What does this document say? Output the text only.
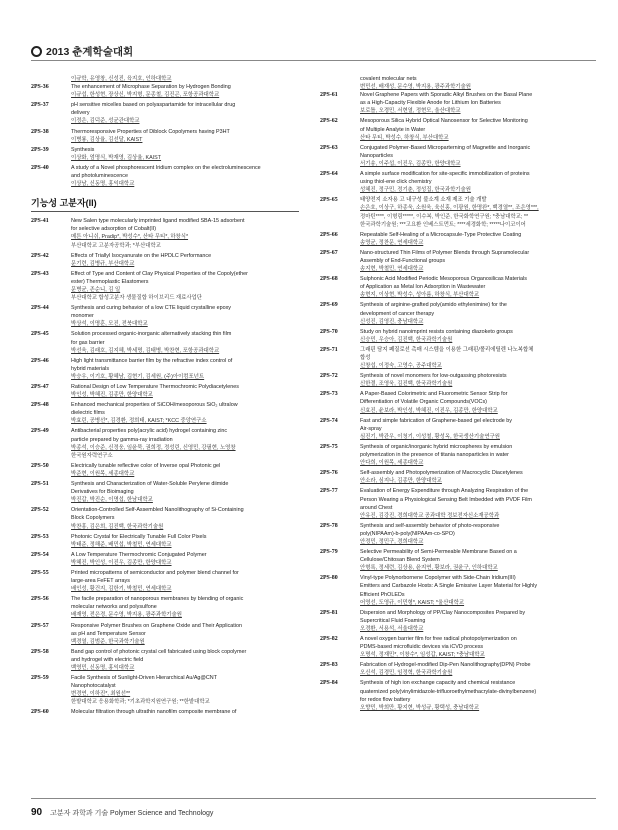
2013 춘계학술대회
이규학, 유영창, 신성진, 육지호, 인하대학교
2PS-36	The enhancement of Microphase Separation by Hydrogen Bonding
이규섭, 한성현, 장상신, 박지형, 문종철, 김진곤, 포항공과대학교
2PS-37	pH sensitive micelles based on polyaspartamide for intracellular drug
delivery
이정은, 김덕준, 성균관대학교
2PS-38	Thermoresponsive Properties of Diblock Copolymers having P3HT
이병룡, 김상율, 김선달, KAIST
2PS-39	Synthesis
이상화, 엄명식, 박재영, 김상율, KAIST
2PS-40	A study of a Novel phosphorescent Iridium complex on the electroluminescence
and photoluminescence
이상남, 신동명, 홍익대학교
기능성 고분자(II)
2PS-41	New Salen type molecularly imprinted ligand modified SBA-15 adsorbent
for selective adsorption of Cobalt(II)
메튼 아니쉬, Pradip*, 박성수*, 산타 무티*, 하창식*
부산대학교 고분자공학과; *부산대학교
2PS-42	Effects of Triallyl Isocyanurate on the HPDLC Performance
문기련, 김병규, 부산대학교
2PS-43	Effect of Type and Content of Clay Physical Properties of the Copoly(ether
ester) Thermoplastic Elastomers
문병균, 존순니, 김 일
부산대학교 합성고분자 생물질합 하이브리드 재료사업단
2PS-44	Synthesis and curing behavior of a low CTE liquid crystalline epoxy
monomer
박상석, 이명훈, 모진, 전북대학교
2PS-45	Solution processed organic-inorganic alternatively stacking thin film
for gas barrier
박선욱, 김래호, 김지혜, 박세명, 김태병, 박찬현, 포항공과대학교
2PS-46	High light transmittance barrier film by the refractive index control of
hybrid materials
박승우, 이기호, 황혜남, 김현기, 김세원, (주)아이컴포넌트
2PS-47	Rational Design of Low Temperature Thermochromic Polydiacetylenes
박인성, 박혜진, 김종만, 한양대학교
2PS-48	Enhanced mechanical properties of SiCOH/mesoporous SiO₂ ultralow
dielectric films
박효린, 공병선*, 김경환, 정희태, KAIST; *KCC 중앙연구소
2PS-49	Antibacterial properties poly(acrylic acid) hydrogel containing zinc
particle prepared by gamma-ray irradiation
박종석, 이승준, 신정웅, 임윤묵, 권희정, 정성린, 신영민, 강필현, 노영창
한국원자력연구소
2PS-50	Electrically tunable reflective color of Inverse opal Photonic gel
박준현, 이원목, 세종대학교
2PS-51	Synthesis and Characterization of Water-Soluble Perylene diimide
Derivatives for Bioimaging
박진갑, 박진순, 이명섭, 한남대학교
2PS-52	Orientation-Controlled Self-Assembled Nanolithography of Si-Containing
Block Copolymers
박찬흥, 김은희, 김진백, 한국과학기술원
2PS-53	Photonic Crystal for Electrically Tunable Full Color Pixels
박태준, 정해준, 배민섭, 박철민, 연세대학교
2PS-54	A Low Temperature Thermochromic Conjugated Polymer
박혜진, 박인성, 이진우, 김종만, 한양대학교
2PS-55	Printed micropatterns of semiconductor and polymer blend channel for
large-area FeFET arrays
배인성, 황건지, 김한기, 박철민, 연세대학교
2PS-56	The facile preparation of nanoporous membranes by blending of organic
molecular networks and polysulfone
배재영, 전은경, 문수영, 박지용, 광주과학기술원
2PS-57	Responsive Polymer Brushes on Graphene Oxide and Their Application
as pH and Temperature Sensor
백경열, 김범준, 한국과학기술원
2PS-58	Band gap control of photonic crystal cell fabricated using block copolymer
and hydrogel with electric field
백영민, 신동명, 홍익대학교
2PS-59	Facile Synthesis of Sunlight-Driven Hierarchical Au/Ag@CNT
Nanophotocatalyst
변경연, 이하진*, 최원선**
한밭대학교 응용화학과; *기초과학지원연구원; **한밭대학교
2PS-60	Molecular filtration through ultrathin nanofilm composite membrane of
covalent molecular nets
변민선, 배재성, 문수영, 박지용, 광주과학기술원
2PS-61	Novel Graphene Papers with Sporadic Alkyl Brushes on the Basal Plane
as a High-Capacity Flexible Anode for Lithium Ion Batteries
보로틀, 오경민, 서현열, 정현모, 울산대학교
2PS-62	Mesoporous Silica Hybrid Optical Nanosensor for Selective Monitoring
of Multiple Analyte in Water
산타 무티, 박성수, 하창식, 부산대학교
2PS-63	Conjugated Polymer-Based Microparterning of Magnetite and Inorganic
Nanoparticles
서기송, 이주섭, 이진우, 김종만, 한양대학교
2PS-64	A simple surface modification for site-specific immobilization of proteins
using thiol-ene click chemistry
성혜진, 정구민, 정기춘, 정성집, 한국과학기술원
2PS-65	태양전지 소자용 고 내구성 불소계 소재 제조 기술 개발
손은호, 이상구, 하종욱, 소원욱, 육신홍, 이광원, 한명완*, 백경열**, 조은영***,
정마틴****, 이형림*****, 이수복, 박인준, 한국화학연구원; *충남대학교; **
한국과학기술원; ***고요환 인베스트먼트; ****세경화학; *****나이코이어
2PS-66	Repeatable Self-Healing of a Microcapsule-Type Protective Coating
송영균, 정찬문, 연세대학교
2PS-67	Nano-structured Thin Films of Polymer Blends through Supramolecular
Assembly of End-Functional groups
송지현, 박철민, 연세대학교
2PS-68	Sulphonic Acid Modified Periodic Mesoporous Organosilicas Materials
of Application as Metal Ion Adsorption in Wastewater
송현지, 이상현, 박성수, 성아름, 하창식, 부산대학교
2PS-69	Synthesis of arginine-grafted poly(amido ethylenimine) for the
development of cancer therapy
신성진, 김영진, 충남대학교
2PS-70	Study on hybrid nanoimprint resists containing diazoketo groups
신승민, 우승아, 김진백, 한국과학기술원
2PS-71	그래핀 담지 폐질로선 촉매 시스템을 이용한 그래핀/폴리에틸렌 나노복합체
합성
신창섭, 이정숙, 고영수, 공주대학교
2PS-72	Synthesis of novel monomers for low-outgassing photoresists
신한결, 조영욱, 김진백, 한국과학기술원
2PS-73	A Paper-Based Colorimetric and Fluorometric Sensor Strip for
Differentiation of Volatile Organic Compounds(VOCs)
신효진, 윤보라, 박인성, 박혜진, 이진우, 김종만, 한양대학교
2PS-74	Fast and simple fabrication of Graphene-based gel electrode by
Air-spray
심진기, 박관우, 이청기, 이성철, 황성옥, 한국생산기술연구원
2PS-75	Synthesis of organic/inorganic hybrid microspheres by emulsion
polymerization in the presence of titania nanoparticles in water
안다희, 이원목, 세종대학교
2PS-76	Self-assembly and Photopolymerization of Macrocyclic Diacetylenes
안소라, 심지나, 김종만, 한양대학교
2PS-77	Evaluation of Energy Expenditure through Analyzing Respiration of the
Person Wearing a Physiological Sensing Belt Imbedded with PVDF Film
around Chest
안유진, 김강진, 경희대학교 공과대학 정보전자신소재공학과
2PS-78	Synthesis and self-assembly behavior of photo-responsive
poly(NIPAAm)-b-poly(NIPAAm-co-SPO)
안정민, 정민구, 경희대학교
2PS-79	Selective Permeability of Semi-Permeable Membrane Based on a
Cellulose/Chitosan Blend System
안형록, 정세련, 김상용, 윤지연, 황보라, 권윤구, 인하대학교
2PS-80	Vinyl-type Polynorbornene Copolymer with Side-Chain Iridium(III)
Emitters and Carbazole Hosts: A Single Emissive Layer Material for Highly
Efficient PhOLEDs
어영선, 도영규, 이민형*, KAIST; *울산대학교
2PS-81	Dispersion and Morphology of PP/Clay Nanocomposites Prepared by
Supercritical Fluid Foaming
오경환, 서용석, 서울대학교
2PS-82	A novel oxygen barrier film for free radical photopolymerization on
PDMS-based microfluidic devices via iCVD process
오명석, 정재민*, 이창수*, 임성갑, KAIST; *충남대학교
2PS-83	Fabrication of Hydrogel-modified Dip-Pen Nanolithography(DPN) Probe
오신석, 김경민, 임정혁, 한국과학기술원
2PS-84	Synthesis of high ion exchange capacity and chemical resistance
quaternized poly(vinylimidazole-trifluoroethylmethacrylate-divinylbenzene)
for redox flow battery
오향민, 박희만, 황지현, 박성규, 황택성, 충남대학교
90 고분자 과학과 기술 Polymer Science and Technology
